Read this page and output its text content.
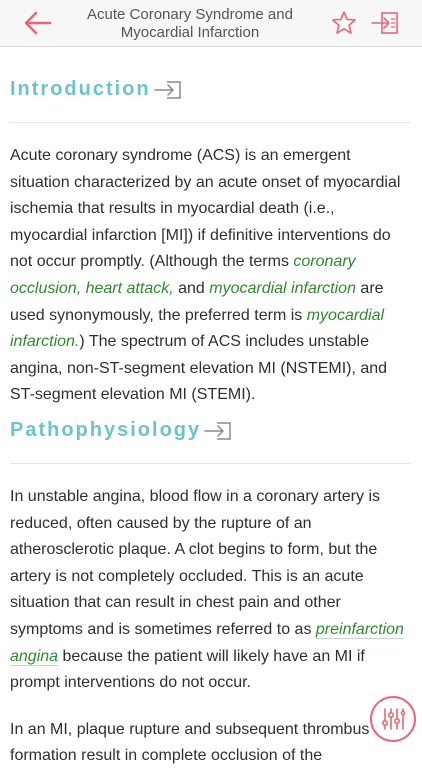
Acute Coronary Syndrome and
Myocardial Infarction
Introduction

Acute coronary syndrome (ACS) is an emergent situation characterized by an acute onset of myocardial ischemia that results in myocardial death (i.e., myocardial infarction [MI]) if definitive interventions do not occur promptly. (Although the terms coronary occlusion, heart attack, and myocardial infarction are used synonymously, the preferred term is myocardial infarction.) The spectrum of ACS includes unstable angina, non-ST-segment elevation MI (NSTEMI), and ST-segment elevation MI (STEMI).

Pathophysiology

In unstable angina, blood flow in a coronary artery is reduced, often caused by the rupture of an atherosclerotic plaque. A clot begins to form, but the artery is not completely occluded. This is an acute situation that can result in chest pain and other symptoms and is sometimes referred to as preinfarction angina because the patient will likely have an MI if prompt interventions do not occur.

In an MI, plaque rupture and subsequent thrombus formation result in complete occlusion of the
